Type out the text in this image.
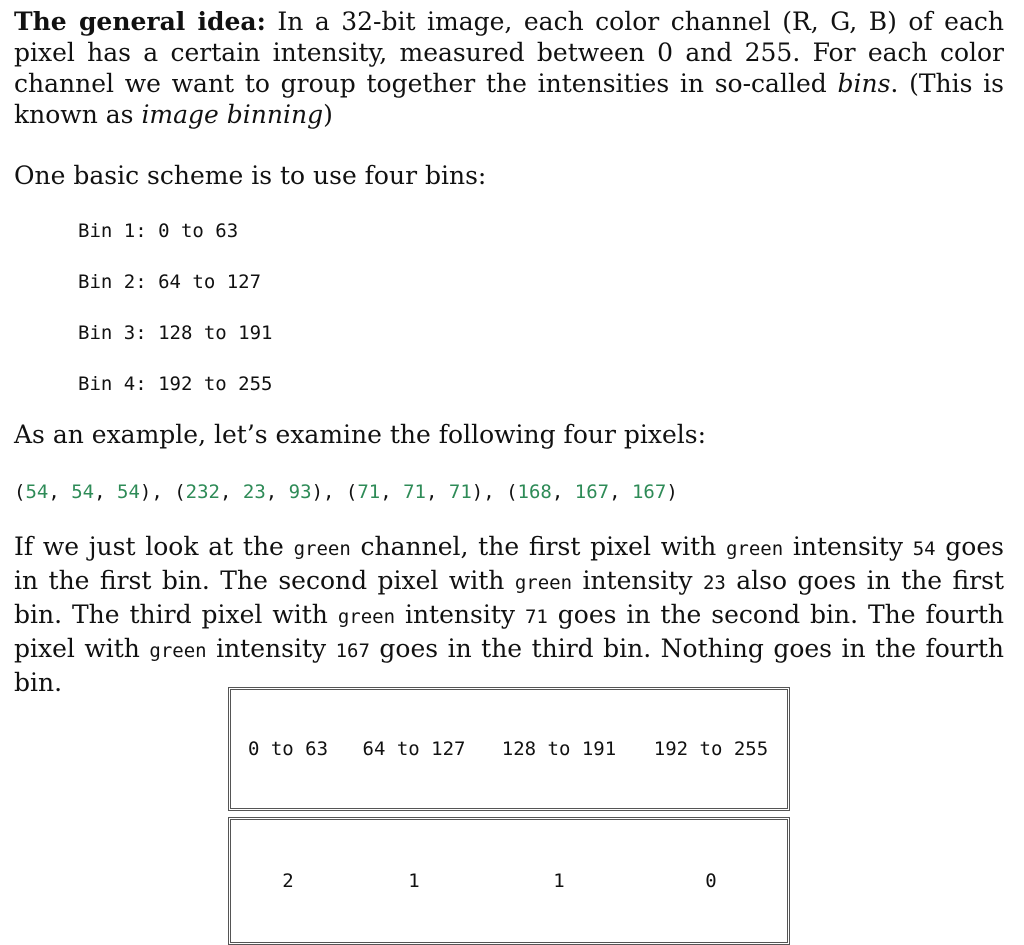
The general idea: In a 32-bit image, each color channel (R, G, B) of each pixel has a certain intensity, measured between 0 and 255. For each color channel we want to group together the intensities in so-called bins. (This is known as image binning)

One basic scheme is to use four bins:

Bin 1: 0 to 63
Bin 2: 64 to 127
Bin 3: 128 to 191
Bin 4: 192 to 255

As an example, let’s examine the following four pixels:

(54, 54, 54), (232, 23, 93), (71, 71, 71), (168, 167, 167)

If we just look at the green channel, the first pixel with green intensity 54 goes in the first bin. The second pixel with green intensity 23 also goes in the first bin. The third pixel with green intensity 71 goes in the second bin. The fourth pixel with green intensity 167 goes in the third bin. Nothing goes in the fourth bin.

0 to 63	64 to 127	128 to 191	192 to 255

2	1	1	0
